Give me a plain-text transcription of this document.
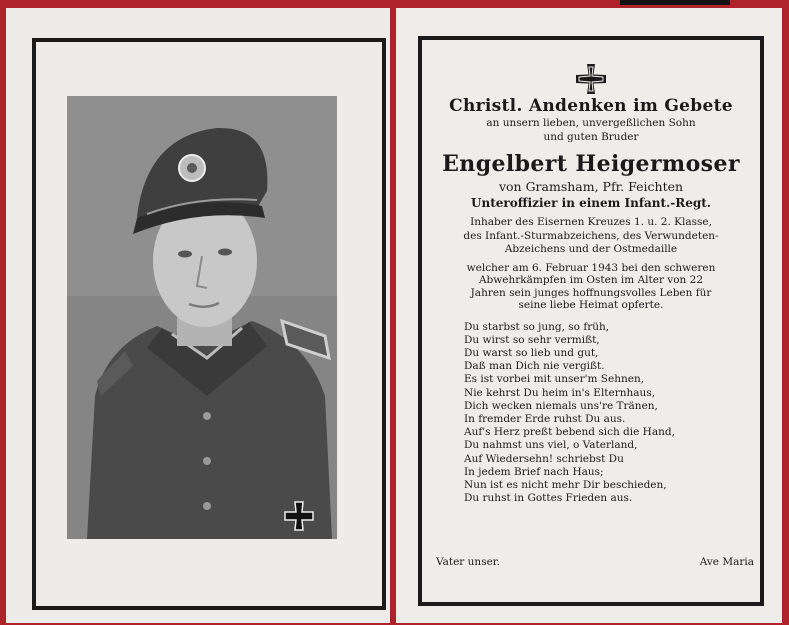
Christl. Andenken im Gebete
an unsern lieben, unvergeßlichen Sohn
und guten Bruder
Engelbert Heigermoser
von Gramsham, Pfr. Feichten
Unteroffizier in einem Infant.-Regt.
Inhaber des Eisernen Kreuzes 1. u. 2. Klasse,
des Infant.-Sturmabzeichens, des Verwundeten-
Abzeichens und der Ostmedaille
welcher am 6. Februar 1943 bei den schweren
Abwehrkämpfen im Osten im Alter von 22
Jahren sein junges hoffnungsvolles Leben für
seine liebe Heimat opferte.
Du starbst so jung, so früh,
Du wirst so sehr vermißt,
Du warst so lieb und gut,
Daß man Dich nie vergißt.
Es ist vorbei mit unser'm Sehnen,
Nie kehrst Du heim in's Elternhaus,
Dich wecken niemals uns're Tränen,
In fremder Erde ruhst Du aus.
Auf's Herz preßt bebend sich die Hand,
Du nahmst uns viel, o Vaterland,
Auf Wiedersehn! schriebst Du
In jedem Brief nach Haus;
Nun ist es nicht mehr Dir beschieden,
Du ruhst in Gottes Frieden aus.
Vater unser.	Ave Maria
